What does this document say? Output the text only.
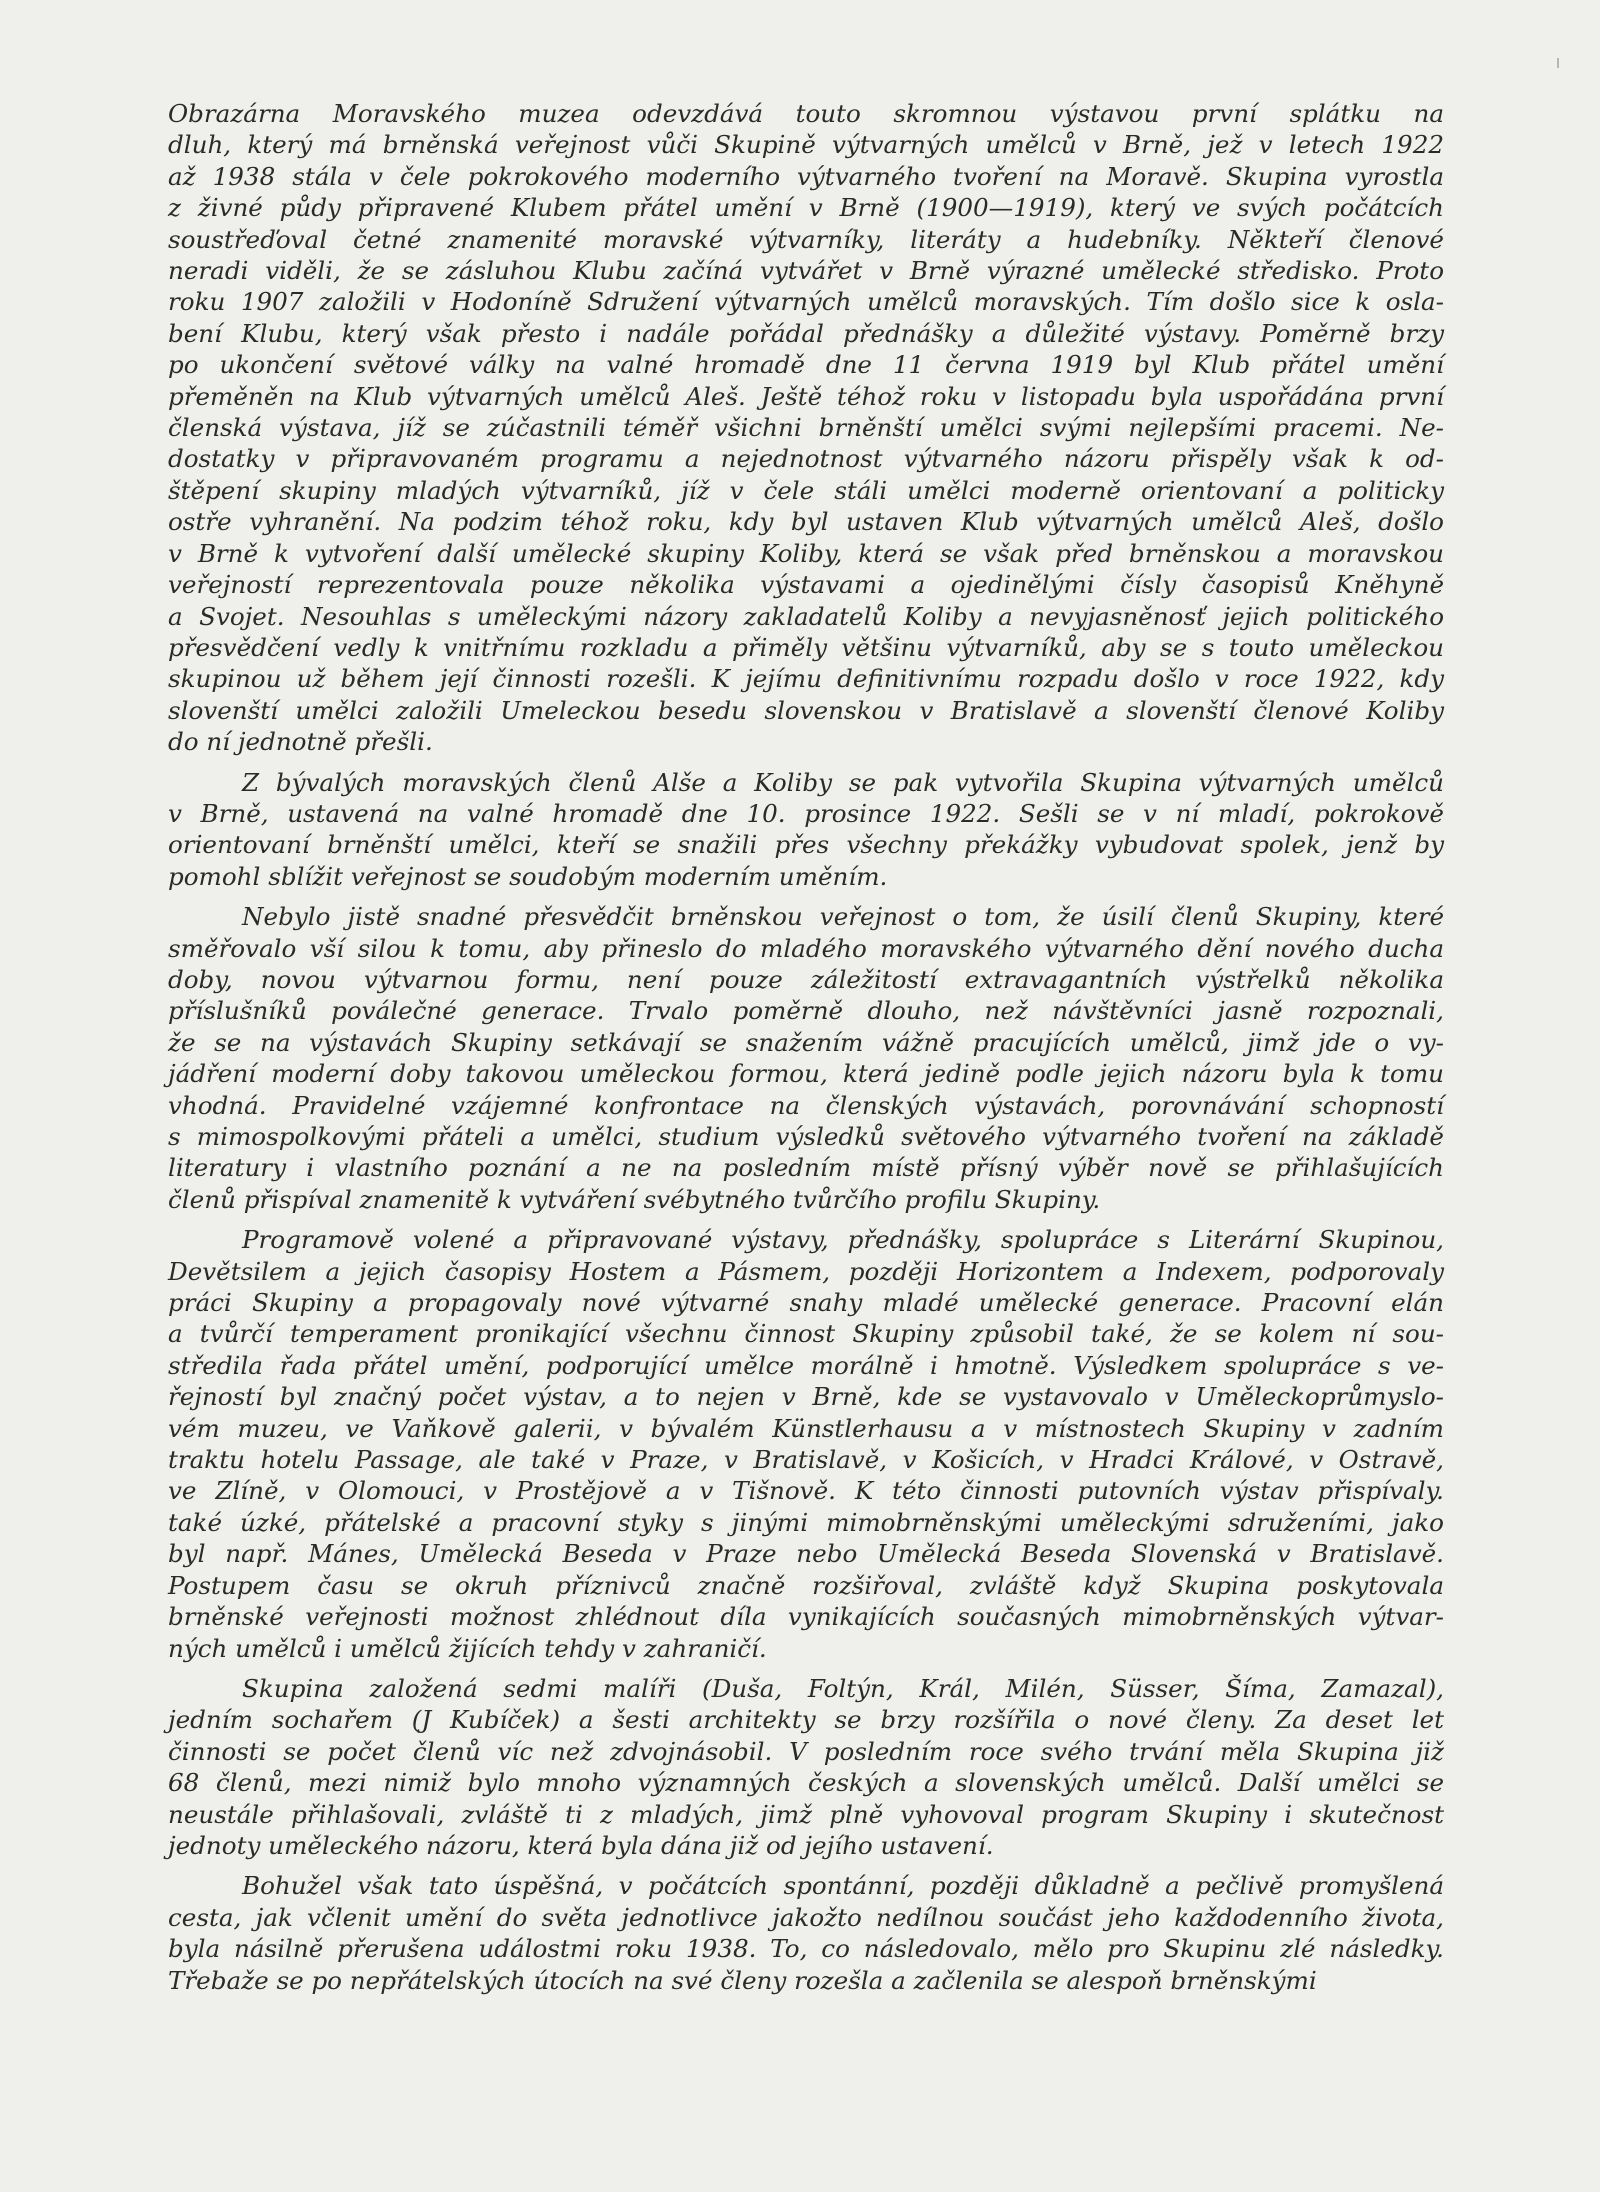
Obrazárna Moravského muzea odevzdává touto skromnou výstavou první splátku na
dluh, který má brněnská veřejnost vůči Skupině výtvarných umělců v Brně, jež v letech 1922
až 1938 stála v čele pokrokového moderního výtvarného tvoření na Moravě. Skupina vyrostla
z živné půdy připravené Klubem přátel umění v Brně (1900—1919), který ve svých počátcích
soustřeďoval četné znamenité moravské výtvarníky, literáty a hudebníky. Někteří členové
neradi viděli, že se zásluhou Klubu začíná vytvářet v Brně výrazné umělecké středisko. Proto
roku 1907 založili v Hodoníně Sdružení výtvarných umělců moravských. Tím došlo sice k osla-
bení Klubu, který však přesto i nadále pořádal přednášky a důležité výstavy. Poměrně brzy
po ukončení světové války na valné hromadě dne 11 června 1919 byl Klub přátel umění
přeměněn na Klub výtvarných umělců Aleš. Ještě téhož roku v listopadu byla uspořádána první
členská výstava, jíž se zúčastnili téměř všichni brněnští umělci svými nejlepšími pracemi. Ne-
dostatky v připravovaném programu a nejednotnost výtvarného názoru přispěly však k od-
štěpení skupiny mladých výtvarníků, jíž v čele stáli umělci moderně orientovaní a politicky
ostře vyhranění. Na podzim téhož roku, kdy byl ustaven Klub výtvarných umělců Aleš, došlo
v Brně k vytvoření další umělecké skupiny Koliby, která se však před brněnskou a moravskou
veřejností reprezentovala pouze několika výstavami a ojedinělými čísly časopisů Kněhyně
a Svojet. Nesouhlas s uměleckými názory zakladatelů Koliby a nevyjasněnosť jejich politického
přesvědčení vedly k vnitřnímu rozkladu a přiměly většinu výtvarníků, aby se s touto uměleckou
skupinou už během její činnosti rozešli. K jejímu definitivnímu rozpadu došlo v roce 1922, kdy
slovenští umělci založili Umeleckou besedu slovenskou v Bratislavě a slovenští členové Koliby
do ní jednotně přešli.
Z bývalých moravských členů Alše a Koliby se pak vytvořila Skupina výtvarných umělců
v Brně, ustavená na valné hromadě dne 10. prosince 1922. Sešli se v ní mladí, pokrokově
orientovaní brněnští umělci, kteří se snažili přes všechny překážky vybudovat spolek, jenž by
pomohl sblížit veřejnost se soudobým moderním uměním.
Nebylo jistě snadné přesvědčit brněnskou veřejnost o tom, že úsilí členů Skupiny, které
směřovalo vší silou k tomu, aby přineslo do mladého moravského výtvarného dění nového ducha
doby, novou výtvarnou formu, není pouze záležitostí extravagantních výstřelků několika
příslušníků poválečné generace. Trvalo poměrně dlouho, než návštěvníci jasně rozpoznali,
že se na výstavách Skupiny setkávají se snažením vážně pracujících umělců, jimž jde o vy-
jádření moderní doby takovou uměleckou formou, která jedině podle jejich názoru byla k tomu
vhodná. Pravidelné vzájemné konfrontace na členských výstavách, porovnávání schopností
s mimospolkovými přáteli a umělci, studium výsledků světového výtvarného tvoření na základě
literatury i vlastního poznání a ne na posledním místě přísný výběr nově se přihlašujících
členů přispíval znamenitě k vytváření svébytného tvůrčího profilu Skupiny.
Programově volené a připravované výstavy, přednášky, spolupráce s Literární Skupinou,
Devětsilem a jejich časopisy Hostem a Pásmem, později Horizontem a Indexem, podporovaly
práci Skupiny a propagovaly nové výtvarné snahy mladé umělecké generace. Pracovní elán
a tvůrčí temperament pronikající všechnu činnost Skupiny způsobil také, že se kolem ní sou-
středila řada přátel umění, podporující umělce morálně i hmotně. Výsledkem spolupráce s ve-
řejností byl značný počet výstav, a to nejen v Brně, kde se vystavovalo v Uměleckoprůmyslo-
vém muzeu, ve Vaňkově galerii, v bývalém Künstlerhausu a v místnostech Skupiny v zadním
traktu hotelu Passage, ale také v Praze, v Bratislavě, v Košicích, v Hradci Králové, v Ostravě,
ve Zlíně, v Olomouci, v Prostějově a v Tišnově. K této činnosti putovních výstav přispívaly.
také úzké, přátelské a pracovní styky s jinými mimobrněnskými uměleckými sdruženími, jako
byl např. Mánes, Umělecká Beseda v Praze nebo Umělecká Beseda Slovenská v Bratislavě.
Postupem času se okruh příznivců značně rozšiřoval, zvláště když Skupina poskytovala
brněnské veřejnosti možnost zhlédnout díla vynikajících současných mimobrněnských výtvar-
ných umělců i umělců žijících tehdy v zahraničí.
Skupina založená sedmi malíři (Duša, Foltýn, Král, Milén, Süsser, Šíma, Zamazal),
jedním sochařem (J Kubíček) a šesti architekty se brzy rozšířila o nové členy. Za deset let
činnosti se počet členů víc než zdvojnásobil. V posledním roce svého trvání měla Skupina již
68 členů, mezi nimiž bylo mnoho významných českých a slovenských umělců. Další umělci se
neustále přihlašovali, zvláště ti z mladých, jimž plně vyhovoval program Skupiny i skutečnost
jednoty uměleckého názoru, která byla dána již od jejího ustavení.
Bohužel však tato úspěšná, v počátcích spontánní, později důkladně a pečlivě promyšlená
cesta, jak včlenit umění do světa jednotlivce jakožto nedílnou součást jeho každodenního života,
byla násilně přerušena událostmi roku 1938. To, co následovalo, mělo pro Skupinu zlé následky.
Třebaže se po nepřátelských útocích na své členy rozešla a začlenila se alespoň brněnskými
